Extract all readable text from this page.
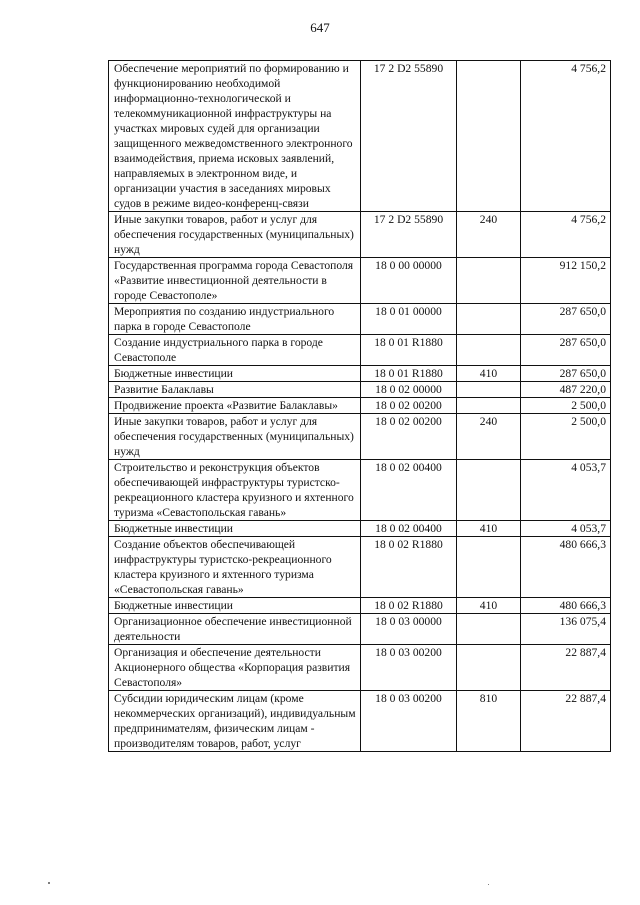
647
Обеспечение мероприятий по формированию и функционированию необходимой информационно-технологической и телекоммуникационной инфраструктуры на участках мировых судей для организации защищенного межведомственного электронного взаимодействия, приема исковых заявлений, направляемых в электронном виде, и организации участия в заседаниях мировых судов в режиме видео-конференц-связи	17 2 D2 55890		4 756,2
Иные закупки товаров, работ и услуг для обеспечения государственных (муниципальных) нужд	17 2 D2 55890	240	4 756,2
Государственная программа города Севастополя «Развитие инвестиционной деятельности в городе Севастополе»	18 0 00 00000		912 150,2
Мероприятия по созданию индустриального парка в городе Севастополе	18 0 01 00000		287 650,0
Создание индустриального парка в городе Севастополе	18 0 01 R1880		287 650,0
Бюджетные инвестиции	18 0 01 R1880	410	287 650,0
Развитие Балаклавы	18 0 02 00000		487 220,0
Продвижение проекта «Развитие Балаклавы»	18 0 02 00200		2 500,0
Иные закупки товаров, работ и услуг для обеспечения государственных (муниципальных) нужд	18 0 02 00200	240	2 500,0
Строительство и реконструкция объектов обеспечивающей инфраструктуры туристско-рекреационного кластера круизного и яхтенного туризма «Севастопольская гавань»	18 0 02 00400		4 053,7
Бюджетные инвестиции	18 0 02 00400	410	4 053,7
Создание объектов обеспечивающей инфраструктуры туристско-рекреационного кластера круизного и яхтенного туризма «Севастопольская гавань»	18 0 02 R1880		480 666,3
Бюджетные инвестиции	18 0 02 R1880	410	480 666,3
Организационное обеспечение инвестиционной деятельности	18 0 03 00000		136 075,4
Организация и обеспечение деятельности Акционерного общества «Корпорация развития Севастополя»	18 0 03 00200		22 887,4
Субсидии юридическим лицам (кроме некоммерческих организаций), индивидуальным предпринимателям, физическим лицам - производителям товаров, работ, услуг	18 0 03 00200	810	22 887,4
